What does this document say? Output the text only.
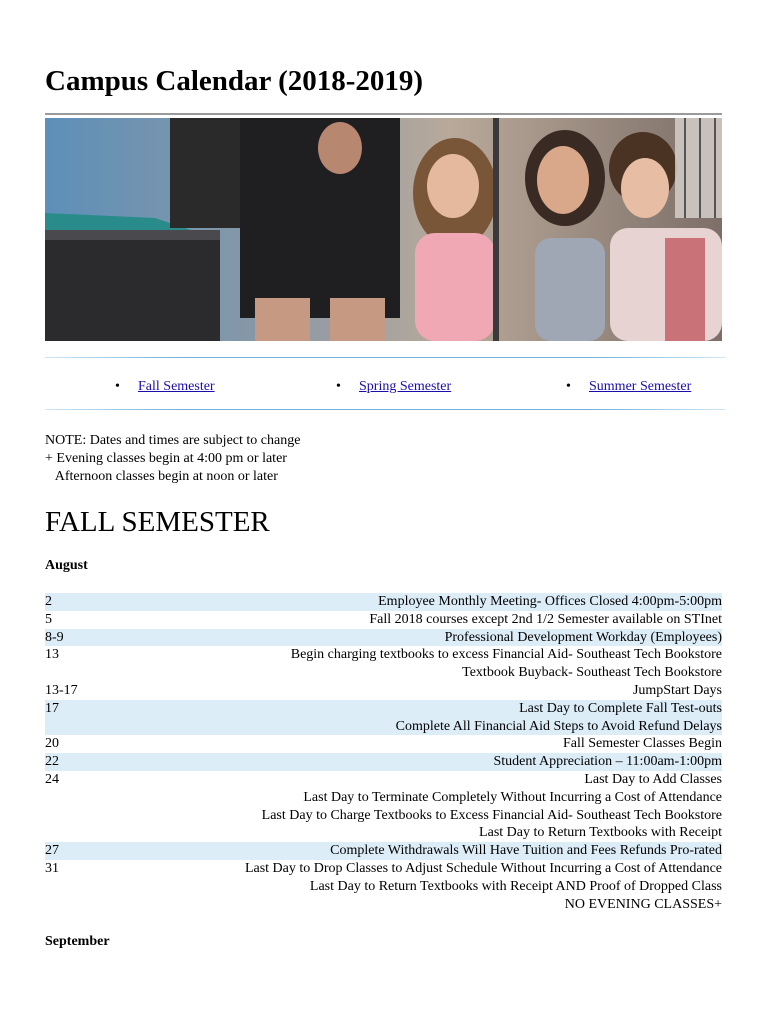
Campus Calendar (2018-2019)
• Fall Semester	• Spring Semester	• Summer Semester
NOTE: Dates and times are subject to change
+ Evening classes begin at 4:00 pm or later
Afternoon classes begin at noon or later
FALL SEMESTER
August
2	Employee Monthly Meeting- Offices Closed 4:00pm-5:00pm
5	Fall 2018 courses except 2nd 1/2 Semester available on STInet
8-9	Professional Development Workday (Employees)
13	Begin charging textbooks to excess Financial Aid- Southeast Tech Bookstore
Textbook Buyback- Southeast Tech Bookstore
13-17	JumpStart Days
17	Last Day to Complete Fall Test-outs
Complete All Financial Aid Steps to Avoid Refund Delays
20	Fall Semester Classes Begin
22	Student Appreciation – 11:00am-1:00pm
24	Last Day to Add Classes
Last Day to Terminate Completely Without Incurring a Cost of Attendance
Last Day to Charge Textbooks to Excess Financial Aid- Southeast Tech Bookstore
Last Day to Return Textbooks with Receipt
27	Complete Withdrawals Will Have Tuition and Fees Refunds Pro-rated
31	Last Day to Drop Classes to Adjust Schedule Without Incurring a Cost of Attendance
Last Day to Return Textbooks with Receipt AND Proof of Dropped Class
NO EVENING CLASSES+
September
